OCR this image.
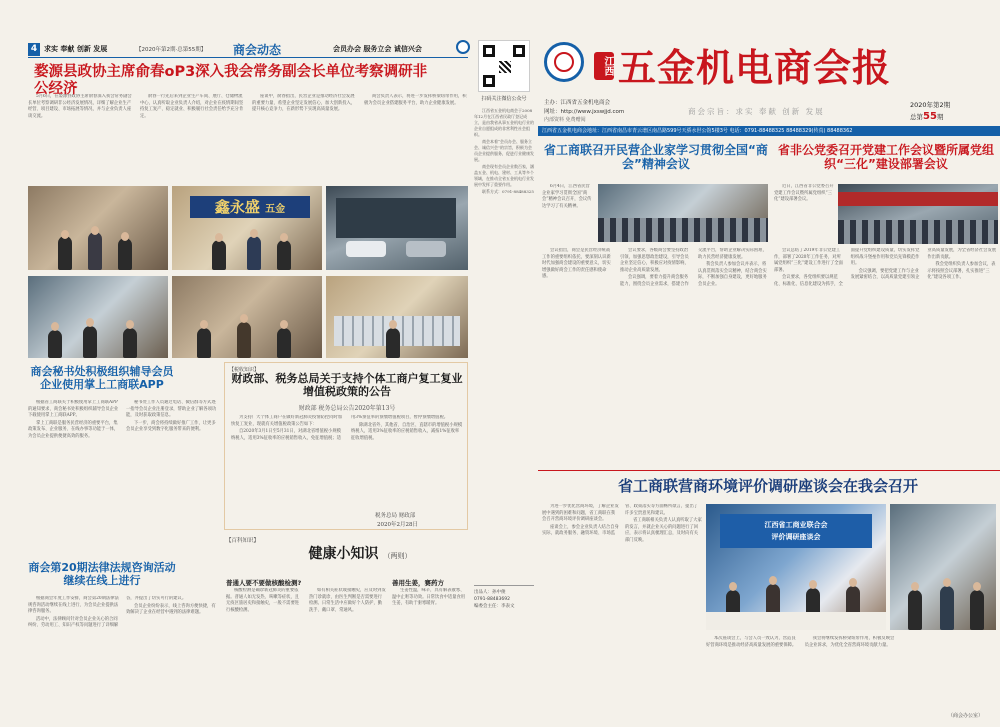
4 求实 奉献 创新 发展	【2020年第2期·总第55期】 商会动态	会员办会 服务立会 诚信兴会
婺源县政协主席俞春oP3深入我会常务副会长单位考察调研非公经济

5月6日，在婺源县政协主席俞春深入我会常务副会长单位考察调研非公经济发展情况，详细了解企业生产经营、项目建设、市场拓展等情况，并与企业负责人座谈交流。

俞春一行先后来到企业生产车间、展厅、仓储物流中心，认真听取企业负责人介绍，对企业在疫情期间坚持复工复产、稳定就业、积极履行社会责任给予充分肯定。

座谈中，俞春指出，民营企业是推动经济社会发展的重要力量，希望企业坚定发展信心，加大创新投入，提升核心竞争力，在新形势下实现高质量发展。

商会负责人表示，将进一步发挥桥梁纽带作用，积极为会员企业搭建服务平台，助力企业健康发展。

鑫永盛 五金
商会秘书处积极组织辅导会员企业使用掌上工商联APP

根据省工商联关于积极使用掌上工商联APP的通知要求，商会秘书处积极组织辅导会员企业下载使用掌上工商联APP。

掌上工商联是服务民营经济的重要平台，集政策发布、企业服务、在线办事等功能于一体，为会员企业提供便捷高效的服务。

秘书处工作人员通过电话、微信群等方式逐一指导会员企业注册登录，帮助企业了解各项功能，及时获取政策信息。

下一步，商会将持续做好推广工作，让更多会员企业享受到数字化服务带来的便利。

商会第20期法律法规咨询活动继续在线上进行

根据商会年度工作安排，商会第20期法律法规咨询活动继续在线上进行，为会员企业提供法律咨询服务。

活动中，法律顾问针对会员企业关心的合同纠纷、劳动用工、知识产权等问题进行了详细解答，并提出了切实可行的建议。

会员企业纷纷表示，线上咨询方便快捷，有效解决了企业在经营中遇到的法律难题。

【税收知识】
财政部、税务总局关于支持个体工商户复工复业增值税政策的公告
财政部 税务总局公告2020年第13号

为支持广大个体工商户在做好新冠肺炎疫情防控同时加快复工复业，现就有关增值税政策公告如下：

自2020年3月1日至5月31日，对湖北省增值税小规模纳税人，适用3%征收率的应税销售收入，免征增值税；适用3%预征率的预缴增值税项目，暂停预缴增值税。

除湖北省外，其他省、自治区、直辖市的增值税小规模纳税人，适用3%征收率的应税销售收入，减按1%征收率征收增值税。

税务总局 财政部
2020年2月28日
【百科知识】
健康小知识 （两则）
普通人要不要做核酸检测?

核酸检测是确诊新冠肺炎的重要依据。普通人如无发热、咳嗽等症状，且无疫区旅居史和接触史，一般不需要进行核酸检测。

如有相关症状或接触史，应及时到发热门诊就诊，由医生判断是否需要进行检测。日常生活中应做好个人防护，勤洗手、戴口罩、常通风。

善用生姜，赛药方

生姜性温，味辛，具有解表散寒、温中止呕等功效。日常饮食中适量食用生姜，有助于驱寒暖胃。

扫码关注微信公众号

江西省五金机电商会于2008年12月在江西省民政厅登记成立，是由我省从事五金机电行业的企业自愿组成的非营利性社会组织。

商会本着“会员办会、服务立会、诚信兴会”的宗旨，积极为会员企业提供服务，促进行业健康发展。

商会现有会员企业数百家，涵盖五金、机电、建材、工具等多个领域，在推动全省五金机电行业发展中发挥了重要作用。

联系方式：0791-88488325

出品人：孙中俊
0791-88483692
编委会主任：李表文
江西 五金机电商会报
主办：江西省五金机电商会
网址：http://www.jxswjjd.com
内部资料 免费赠阅
商会宗旨：求实 奉献 创新 发展
2020年第2期
总第55期
江西省五金机电商会地址：江西省南昌市青云谱区南昌路599号天骄水世公馆5楼3号 电话：0791-88488325 88488329(传真) 88488362
省工商联召开民营企业家学习贯彻全国“商会”精神会议

6月4日，江西省民营企业家学习贯彻全国“商会”精神会议召开，会议传达学习了有关精神。

会议指出，商会是民营经济统战工作的重要组织依托，要深刻认识新时代加强商会建设的重要意义，切实增强做好商会工作的责任感和使命感。

会议要求，各级商会要坚持政治引领，加强思想政治建设，引导会员企业坚定信心，积极应对疫情影响，推动企业高质量发展。

会议强调，要着力提升商会服务能力，围绕会员企业需求，搭建合作交流平台，帮助企业解决实际困难，助力民营经济健康发展。

我会负责人参加会议并表示，将认真贯彻落实会议精神，结合商会实际，不断加强自身建设，更好地服务会员企业。

省非公党委召开党建工作会议暨所属党组织“三化”建设部署会议

近日，江西省非公党委召开党建工作会议暨所属党组织“三化”建设部署会议。

会议总结了2019年非公党建工作，部署了2020年工作任务，对所属党组织“三化”建设工作进行了全面部署。

会议要求，各党组织要以规范化、标准化、信息化建设为抓手，全面提升党组织建设质量，切实发挥党组织战斗堡垒作用和党员先锋模范作用。

会议强调，要把党建工作与企业发展紧密结合，以高质量党建引领企业高质量发展，为全省经济社会发展作出新贡献。

我会党组织负责人参加会议，表示将按照会议部署，扎实推进“三化”建设各项工作。

省工商联营商环境评价调研座谈会在我会召开

为进一步优化营商环境，了解企业发展中遇到的困难和问题，省工商联在我会召开营商环境评价调研座谈会。

座谈会上，参会企业负责人结合自身实际，就政务服务、融资环境、市场监管、政策落实等方面畅所欲言，提出了许多宝贵意见和建议。

省工商联相关负责人认真听取了大家的发言，并就企业关心的问题进行了回应，表示将认真梳理汇总，及时向有关部门反映。

江西省工商业联合会
评价调研座谈会

本次座谈会上，与会人员一致认为，营造良好营商环境是推动经济高质量发展的重要保障。

我会将继续发挥桥梁纽带作用，积极反映会员企业诉求，为优化全省营商环境贡献力量。

（商会办公室）
